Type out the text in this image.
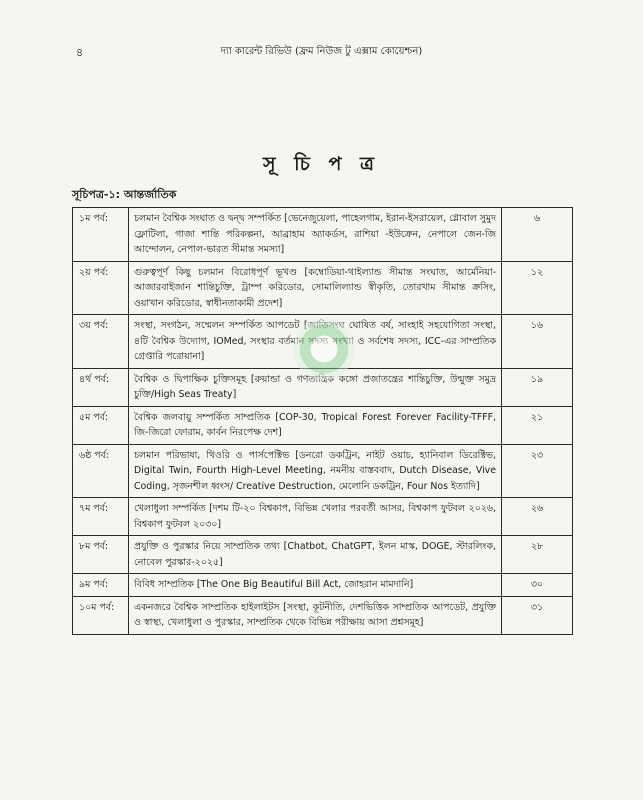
৪	দ্যা কারেন্ট রিভিউ (ফ্রম নিউজ টু এক্সাম কোয়েশ্চন)
সূ চি প ত্র
সূচিপত্র-১: আন্তর্জাতিক
১ম পর্ব:	চলমান বৈশ্বিক সংঘাত ও দ্বন্দ্ব সম্পর্কিত [ভেনেজুয়েলা, পাহেলগাম, ইরান-ইসরায়েল, গ্লোবাল সুমুদ ফ্লোটিলা, গাজা শান্তি পরিকল্পনা, আব্রাহাম অ্যাকর্ডস, রাশিয়া -ইউক্রেন, নেপালে জেন-জি আন্দোলন, নেপাল-ভারত সীমান্ত সমস্যা]	৬
২য় পর্ব:	গুরুত্বপূর্ণ কিছু চলমান বিরোধপূর্ণ ভূখণ্ড [কম্বোডিয়া-থাইল্যান্ড সীমান্ত সংঘাত, আর্মেনিয়া-আজারবাইজান শান্তিচুক্তি, ট্রাম্প করিডোর, সোমালিল্যান্ড স্বীকৃতি, তোরখাম সীমান্ত ক্রসিং, ওয়াখান করিডোর, স্বাধীনতাকামী প্রদেশ]	১২
৩য় পর্ব:	সংস্থা, সংগঠন, সম্মেলন সম্পর্কিত আপডেট [জাতিসংঘ ঘোষিত বর্ষ, সাংহাই সহযোগিতা সংস্থা, ৪টি বৈশ্বিক উদ্যোগ, IOMed, সংস্থার বর্তমান সদস্য সংখ্যা ও সর্বশেষ সদস্য, ICC-এর সাম্প্রতিক গ্রেপ্তারি পরোয়ানা]	১৬
৪র্থ পর্ব:	বৈশ্বিক ও দ্বিপাক্ষিক চুক্তিসমূহ [রুয়ান্ডা ও গণতান্ত্রিক কঙ্গো প্রজাতন্ত্রের শান্তিচুক্তি, উন্মুক্ত সমুদ্র চুক্তি/High Seas Treaty]	১৯
৫ম পর্ব:	বৈশ্বিক জলবায়ু সম্পর্কিত সাম্প্রতিক [COP-30, Tropical Forest Forever Facility-TFFF, জি-জিরো ফোরাম, কার্বন নিরপেক্ষ দেশ]	২১
৬ষ্ঠ পর্ব:	চলমান পরিভাষা, থিওরি ও পার্সপেক্টিভ [ডনরো ডকট্রিন, নাইট ওয়াচ, হ্যানিবাল ডিরেক্টিভ, Digital Twin, Fourth High-Level Meeting, নমনীয় বাস্তববাদ, Dutch Disease, Vive Coding, সৃজনশীল ধ্বংস/ Creative Destruction, মেলোনি ডকট্রিন, Four Nos ইত্যাদি]	২৩
৭ম পর্ব:	খেলাধুলা সম্পর্কিত [দশম টি-২০ বিশ্বকাপ, বিভিন্ন খেলার পরবর্তী আসর, বিশ্বকাপ ফুটবল ২০২৬, বিশ্বকাপ ফুটবল ২০৩০]	২৬
৮ম পর্ব:	প্রযুক্তি ও পুরস্কার নিয়ে সাম্প্রতিক তথ্য [Chatbot, ChatGPT, ইলন মাস্ক, DOGE, স্টারলিংক, নোবেল পুরস্কার-২০২৫]	২৮
৯ম পর্ব:	বিবিধ সাম্প্রতিক [The One Big Beautiful Bill Act, জোহরান মামদানি]	৩০
১০ম পর্ব:	একনজরে বৈশ্বিক সাম্প্রতিক হাইলাইটস [সংস্থা, কূটনীতি, দেশভিত্তিক সাম্প্রতিক আপডেট, প্রযুক্তি ও স্বাস্থ্য, খেলাধুলা ও পুরস্কার, সাম্প্রতিক থেকে বিভিন্ন পরীক্ষায় আসা প্রশ্নসমূহ]	৩১
